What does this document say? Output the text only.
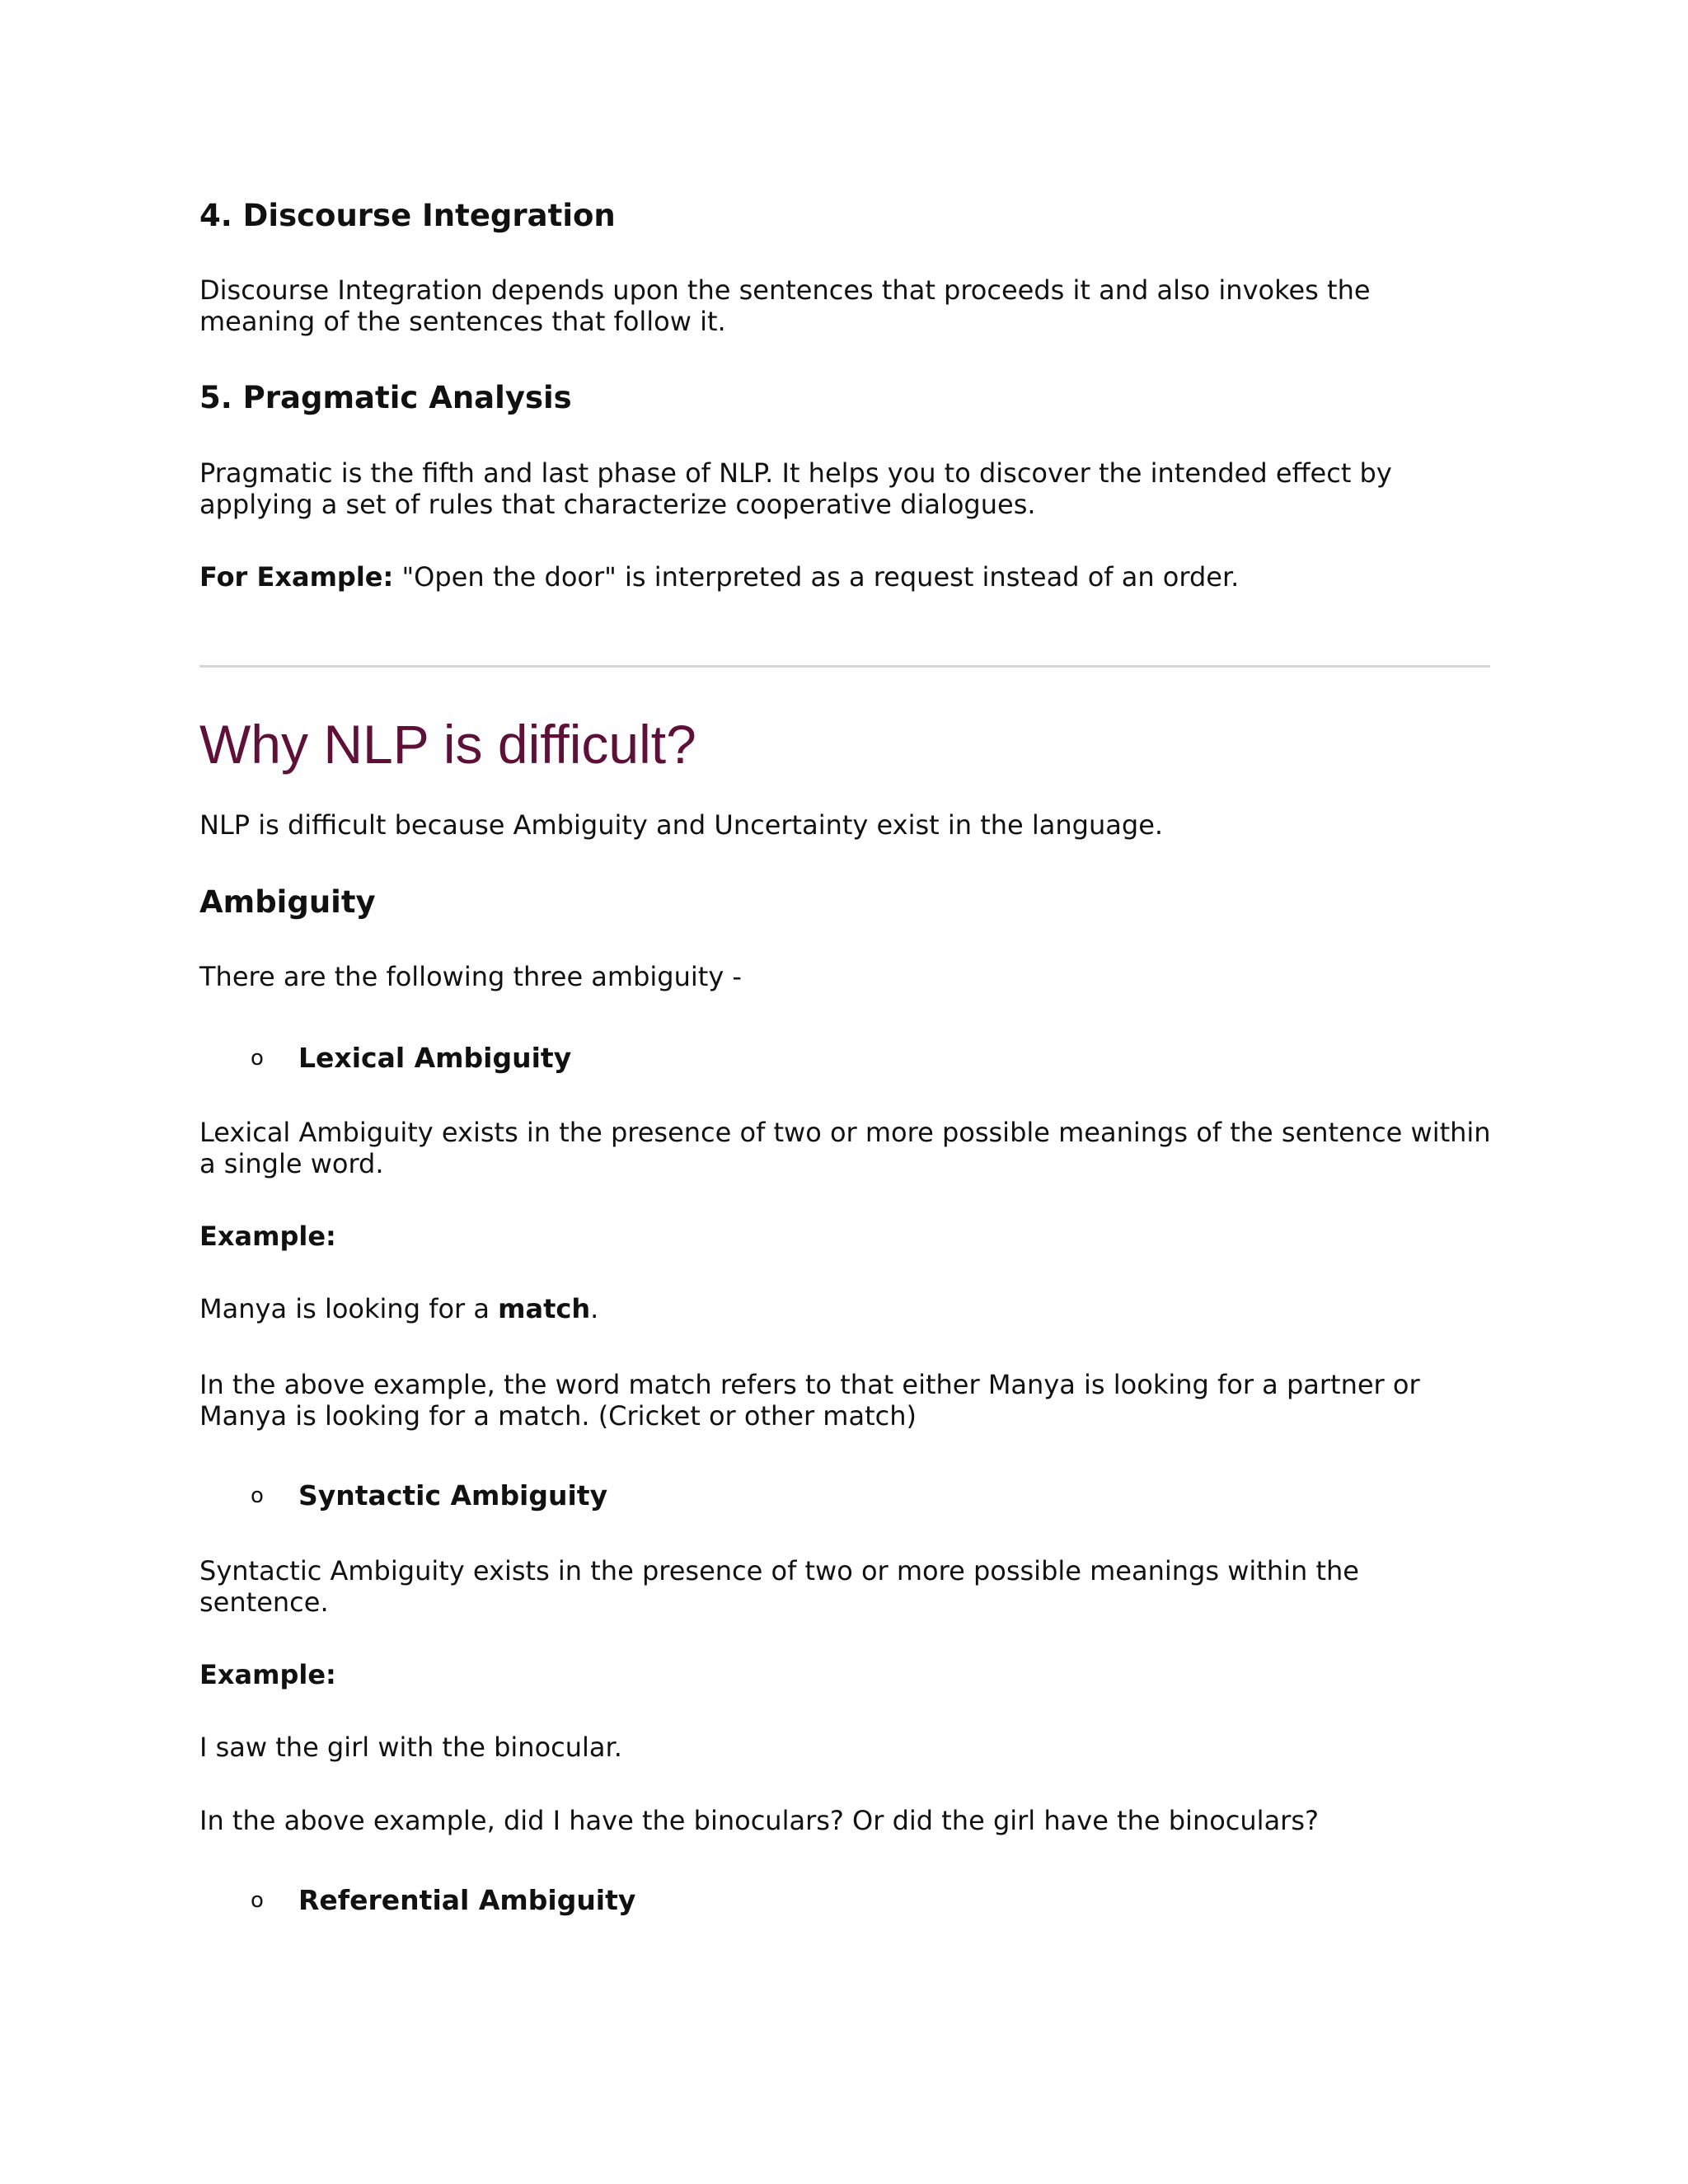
4. Discourse Integration

Discourse Integration depends upon the sentences that proceeds it and also invokes the meaning of the sentences that follow it.

5. Pragmatic Analysis

Pragmatic is the fifth and last phase of NLP. It helps you to discover the intended effect by applying a set of rules that characterize cooperative dialogues.

For Example: "Open the door" is interpreted as a request instead of an order.

Why NLP is difficult?

NLP is difficult because Ambiguity and Uncertainty exist in the language.

Ambiguity

There are the following three ambiguity -

o Lexical Ambiguity

Lexical Ambiguity exists in the presence of two or more possible meanings of the sentence within a single word.

Example:

Manya is looking for a match.

In the above example, the word match refers to that either Manya is looking for a partner or Manya is looking for a match. (Cricket or other match)

o Syntactic Ambiguity

Syntactic Ambiguity exists in the presence of two or more possible meanings within the sentence.

Example:

I saw the girl with the binocular.

In the above example, did I have the binoculars? Or did the girl have the binoculars?

o Referential Ambiguity
